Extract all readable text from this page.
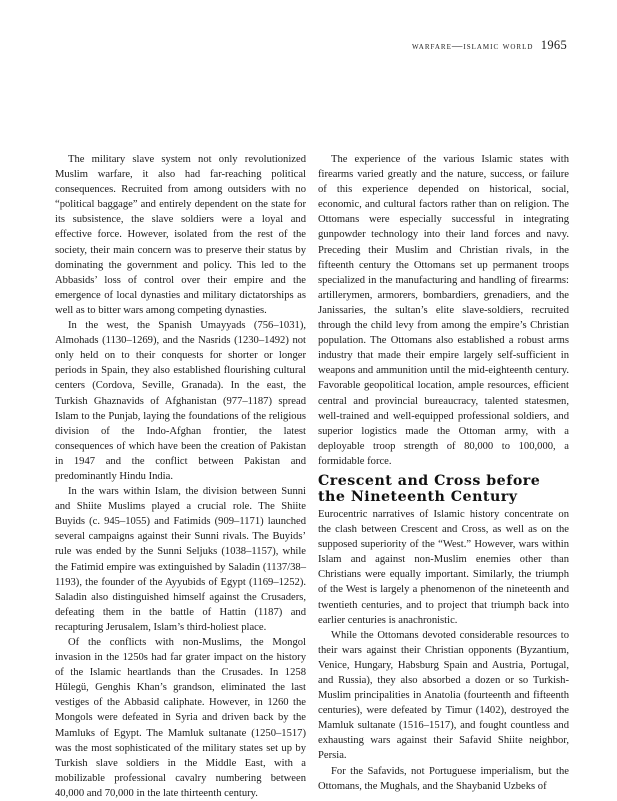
warfare—islamic world 1965

The military slave system not only revolutionized Muslim warfare, it also had far-reaching political consequences. Recruited from among outsiders with no “political baggage” and entirely dependent on the state for its subsistence, the slave soldiers were a loyal and effective force. However, isolated from the rest of the society, their main concern was to preserve their status by dominating the government and policy. This led to the Abbasids’ loss of control over their empire and the emergence of local dynasties and military dictatorships as well as to bitter wars among competing dynasties.

In the west, the Spanish Umayyads (756–1031), Almohads (1130–1269), and the Nasrids (1230–1492) not only held on to their conquests for shorter or longer periods in Spain, they also established flourishing cultural centers (Cordova, Seville, Granada). In the east, the Turkish Ghaznavids of Afghanistan (977–1187) spread Islam to the Punjab, laying the foundations of the religious division of the Indo-Afghan frontier, the latest consequences of which have been the creation of Pakistan in 1947 and the conflict between Pakistan and predominantly Hindu India.

In the wars within Islam, the division between Sunni and Shiite Muslims played a crucial role. The Shiite Buyids (c. 945–1055) and Fatimids (909–1171) launched several campaigns against their Sunni rivals. The Buyids’ rule was ended by the Sunni Seljuks (1038–1157), while the Fatimid empire was extinguished by Saladin (1137/38–1193), the founder of the Ayyubids of Egypt (1169–1252). Saladin also distinguished himself against the Crusaders, defeating them in the battle of Hattin (1187) and recapturing Jerusalem, Islam’s third-holiest place.

Of the conflicts with non-Muslims, the Mongol invasion in the 1250s had far grater impact on the history of the Islamic heartlands than the Crusades. In 1258 Hülegü, Genghis Khan’s grandson, eliminated the last vestiges of the Abbasid caliphate. However, in 1260 the Mongols were defeated in Syria and driven back by the Mamluks of Egypt. The Mamluk sultanate (1250–1517) was the most sophisticated of the military states set up by Turkish slave soldiers in the Middle East, with a mobilizable professional cavalry numbering between 40,000 and 70,000 in the late thirteenth century.

The experience of the various Islamic states with firearms varied greatly and the nature, success, or failure of this experience depended on historical, social, economic, and cultural factors rather than on religion. The Ottomans were especially successful in integrating gunpowder technology into their land forces and navy. Preceding their Muslim and Christian rivals, in the fifteenth century the Ottomans set up permanent troops specialized in the manufacturing and handling of firearms: artillerymen, armorers, bombardiers, grenadiers, and the Janissaries, the sultan’s elite slave-soldiers, recruited through the child levy from among the empire’s Christian population. The Ottomans also established a robust arms industry that made their empire largely self-sufficient in weapons and ammunition until the mid-eighteenth century. Favorable geopolitical location, ample resources, efficient central and provincial bureaucracy, talented statesmen, well-trained and well-equipped professional soldiers, and superior logistics made the Ottoman army, with a deployable troop strength of 80,000 to 100,000, a formidable force.

Crescent and Cross before
the Nineteenth Century

Eurocentric narratives of Islamic history concentrate on the clash between Crescent and Cross, as well as on the supposed superiority of the “West.” However, wars within Islam and against non-Muslim enemies other than Christians were equally important. Similarly, the triumph of the West is largely a phenomenon of the nineteenth and twentieth centuries, and to project that triumph back into earlier centuries is anachronistic.

While the Ottomans devoted considerable resources to their wars against their Christian opponents (Byzantium, Venice, Hungary, Habsburg Spain and Austria, Portugal, and Russia), they also absorbed a dozen or so Turkish-Muslim principalities in Anatolia (fourteenth and fifteenth centuries), were defeated by Timur (1402), destroyed the Mamluk sultanate (1516–1517), and fought countless and exhausting wars against their Safavid Shiite neighbor, Persia.

For the Safavids, not Portuguese imperialism, but the Ottomans, the Mughals, and the Shaybanid Uzbeks of
